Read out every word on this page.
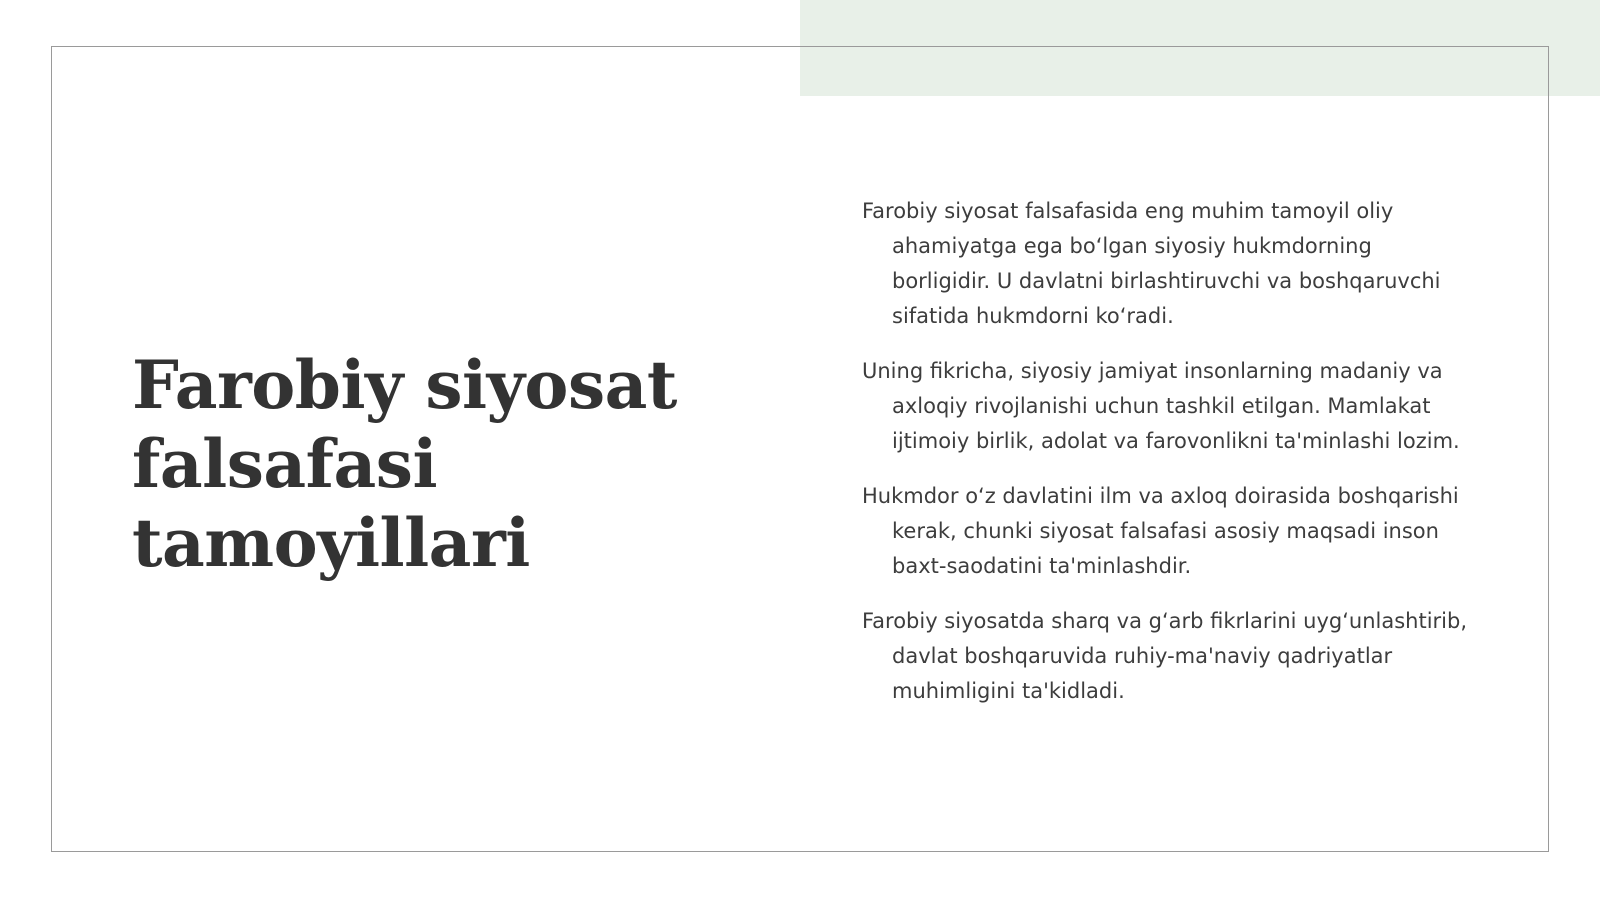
Farobiy siyosat falsafasi tamoyillari

Farobiy siyosat falsafasida eng muhim tamoyil oliy ahamiyatga ega bo‘lgan siyosiy hukmdorning borligidir. U davlatni birlashtiruvchi va boshqaruvchi sifatida hukmdorni ko‘radi.

Uning fikricha, siyosiy jamiyat insonlarning madaniy va axloqiy rivojlanishi uchun tashkil etilgan. Mamlakat ijtimoiy birlik, adolat va farovonlikni ta'minlashi lozim.

Hukmdor o‘z davlatini ilm va axloq doirasida boshqarishi kerak, chunki siyosat falsafasi asosiy maqsadi inson baxt-saodatini ta'minlashdir.

Farobiy siyosatda sharq va g‘arb fikrlarini uyg‘unlashtirib, davlat boshqaruvida ruhiy-ma'naviy qadriyatlar muhimligini ta'kidladi.
